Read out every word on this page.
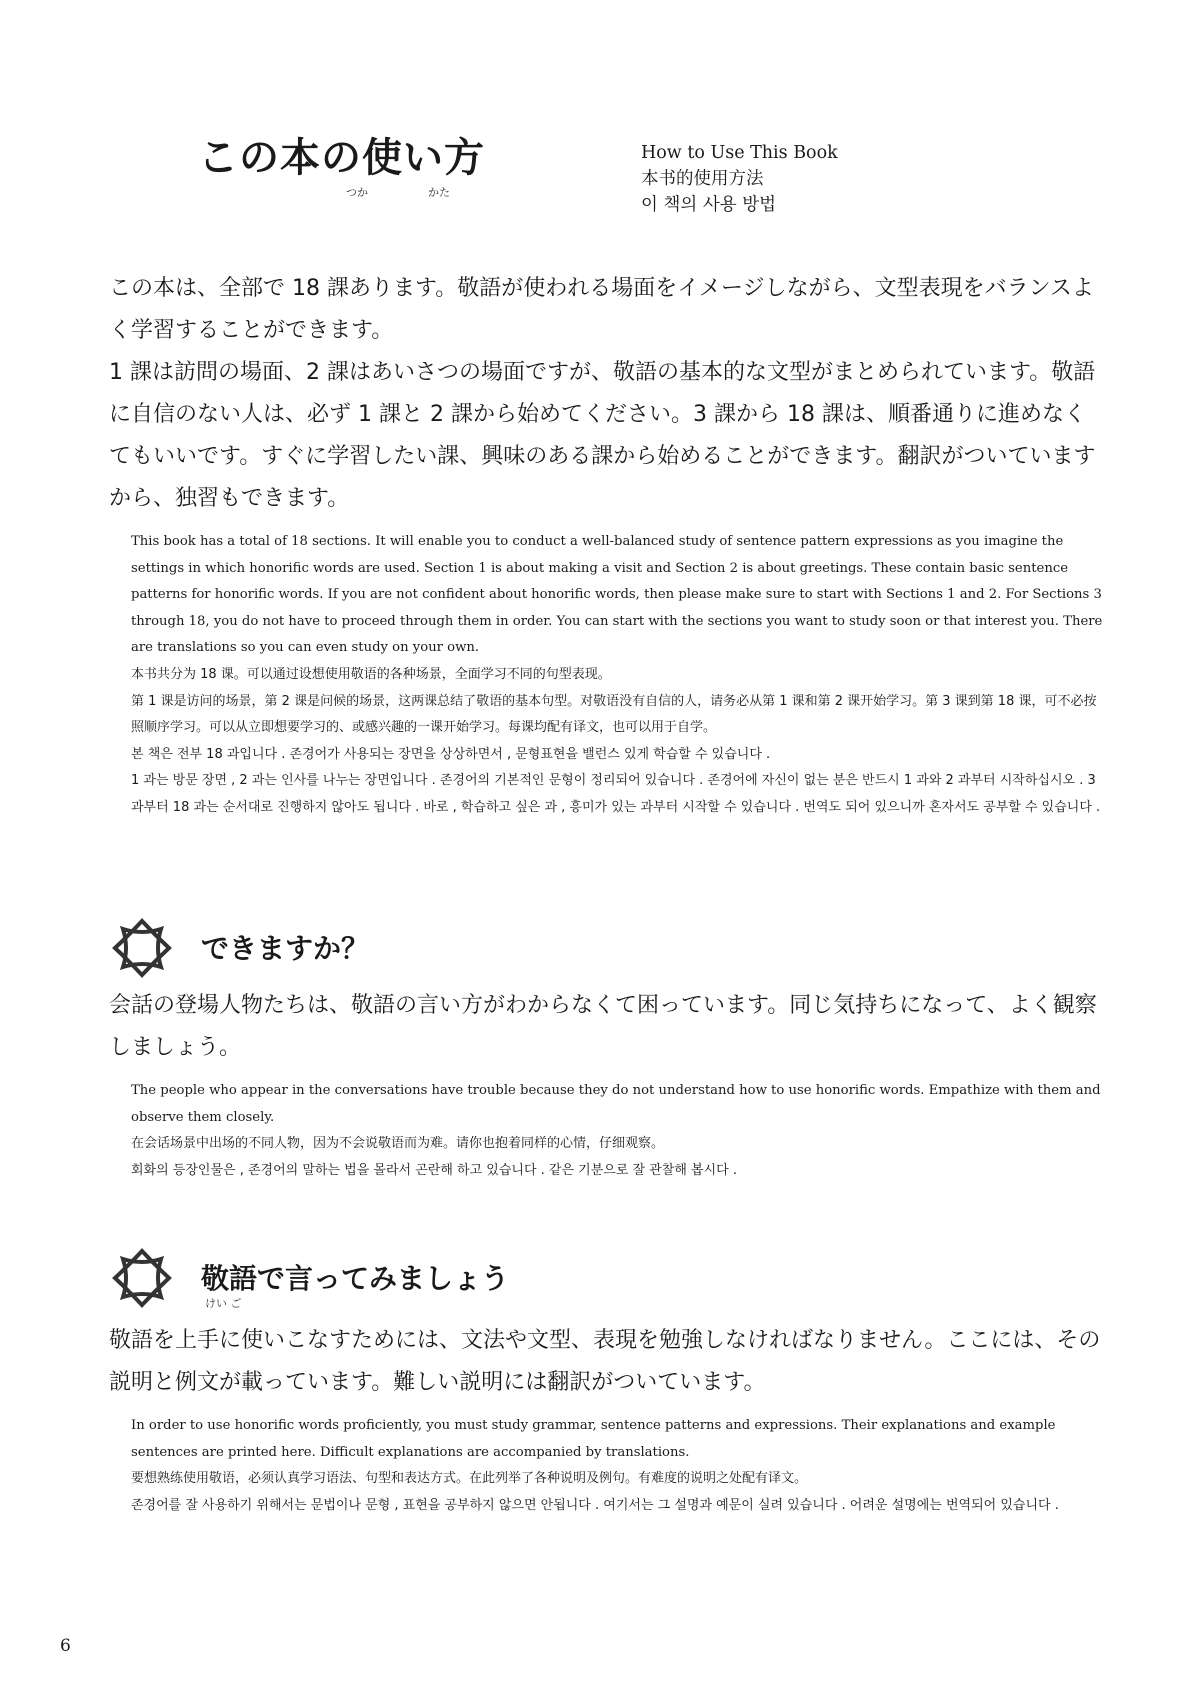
この本の使い方
つか	かた
How to Use This Book
本书的使用方法
이 책의 사용 방법

この本は、全部で 18 課あります。敬語が使われる場面をイメージしながら、文型表現をバランスよく学習することができます。

1 課は訪問の場面、2 課はあいさつの場面ですが、敬語の基本的な文型がまとめられています。敬語に自信のない人は、必ず 1 課と 2 課から始めてください。3 課から 18 課は、順番通りに進めなくてもいいです。すぐに学習したい課、興味のある課から始めることができます。翻訳がついていますから、独習もできます。

This book has a total of 18 sections. It will enable you to conduct a well-balanced study of sentence pattern expressions as you imagine the settings in which honorific words are used. Section 1 is about making a visit and Section 2 is about greetings. These contain basic sentence patterns for honorific words. If you are not confident about honorific words, then please make sure to start with Sections 1 and 2. For Sections 3 through 18, you do not have to proceed through them in order. You can start with the sections you want to study soon or that interest you. There are translations so you can even study on your own.

本书共分为 18 课。可以通过设想使用敬语的各种场景，全面学习不同的句型表现。

第 1 课是访问的场景，第 2 课是问候的场景，这两课总结了敬语的基本句型。对敬语没有自信的人，请务必从第 1 课和第 2 课开始学习。第 3 课到第 18 课，可不必按照顺序学习。可以从立即想要学习的、或感兴趣的一课开始学习。每课均配有译文，也可以用于自学。

본 책은 전부 18 과입니다 . 존경어가 사용되는 장면을 상상하면서 , 문형표현을 밸런스 있게 학습할 수 있습니다 .

1 과는 방문 장면 , 2 과는 인사를 나누는 장면입니다 . 존경어의 기본적인 문형이 정리되어 있습니다 . 존경어에 자신이 없는 분은 반드시 1 과와 2 과부터 시작하십시오 . 3 과부터 18 과는 순서대로 진행하지 않아도 됩니다 . 바로 , 학습하고 싶은 과 , 흥미가 있는 과부터 시작할 수 있습니다 . 번역도 되어 있으니까 혼자서도 공부할 수 있습니다 .

できますか？

会話の登場人物たちは、敬語の言い方がわからなくて困っています。同じ気持ちになって、よく観察しましょう。

The people who appear in the conversations have trouble because they do not understand how to use honorific words. Empathize with them and observe them closely.

在会话场景中出场的不同人物，因为不会说敬语而为难。请你也抱着同样的心情，仔细观察。

회화의 등장인물은 , 존경어의 말하는 법을 몰라서 곤란해 하고 있습니다 . 같은 기분으로 잘 관찰해 봅시다 .

敬語で言ってみましょう
けい ご

敬語を上手に使いこなすためには、文法や文型、表現を勉強しなければなりません。ここには、その説明と例文が載っています。難しい説明には翻訳がついています。

In order to use honorific words proficiently, you must study grammar, sentence patterns and expressions. Their explanations and example sentences are printed here. Difficult explanations are accompanied by translations.

要想熟练使用敬语，必须认真学习语法、句型和表达方式。在此列举了各种说明及例句。有难度的说明之处配有译文。

존경어를 잘 사용하기 위해서는 문법이나 문형 , 표현을 공부하지 않으면 안됩니다 . 여기서는 그 설명과 예문이 실려 있습니다 . 어려운 설명에는 번역되어 있습니다 .

6
